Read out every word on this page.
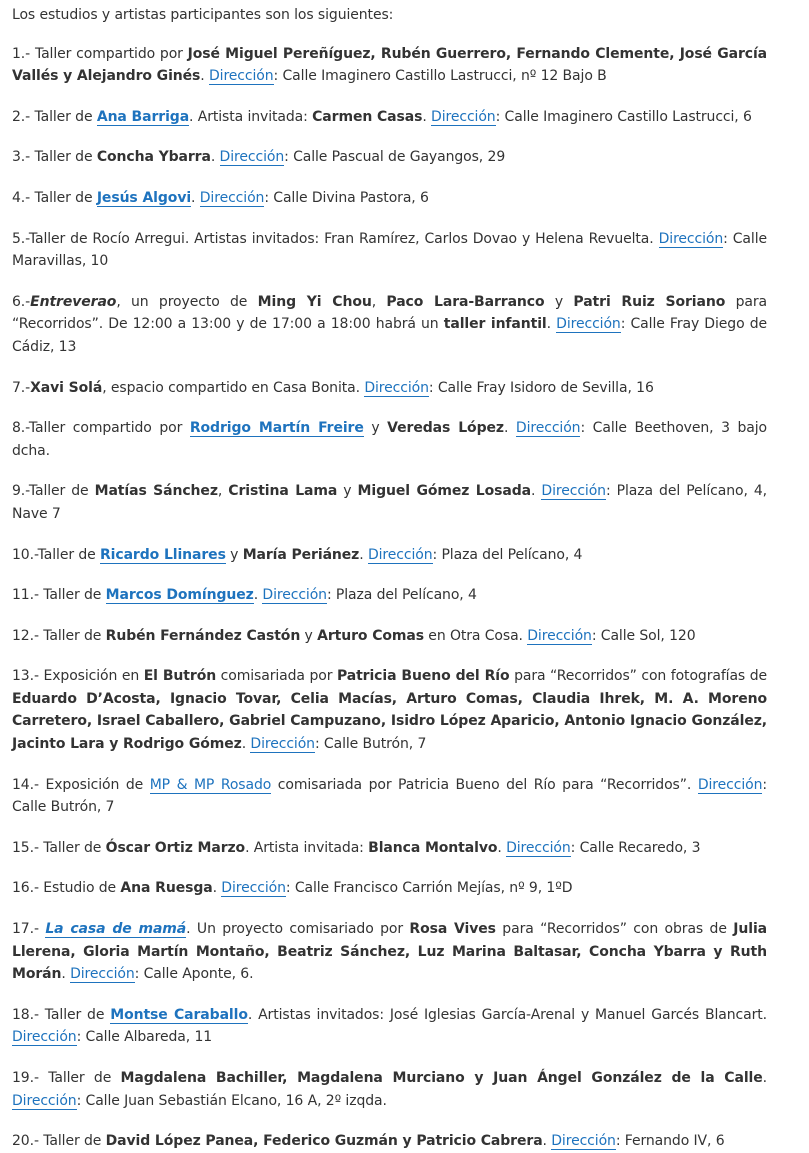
Los estudios y artistas participantes son los siguientes:

1.- Taller compartido por José Miguel Pereñíguez, Rubén Guerrero, Fernando Clemente, José García Vallés y Alejandro Ginés. Dirección: Calle Imaginero Castillo Lastrucci, nº 12 Bajo B

2.- Taller de Ana Barriga. Artista invitada: Carmen Casas. Dirección: Calle Imaginero Castillo Lastrucci, 6

3.- Taller de Concha Ybarra. Dirección: Calle Pascual de Gayangos, 29

4.- Taller de Jesús Algovi. Dirección: Calle Divina Pastora, 6

5.-Taller de Rocío Arregui. Artistas invitados: Fran Ramírez, Carlos Dovao y Helena Revuelta. Dirección: Calle Maravillas, 10

6.-Entreverao, un proyecto de Ming Yi Chou, Paco Lara-Barranco y Patri Ruiz Soriano para “Recorridos”. De 12:00 a 13:00 y de 17:00 a 18:00 habrá un taller infantil. Dirección: Calle Fray Diego de Cádiz, 13

7.-Xavi Solá, espacio compartido en Casa Bonita. Dirección: Calle Fray Isidoro de Sevilla, 16

8.-Taller compartido por Rodrigo Martín Freire y Veredas López. Dirección: Calle Beethoven, 3 bajo dcha.

9.-Taller de Matías Sánchez, Cristina Lama y Miguel Gómez Losada. Dirección: Plaza del Pelícano, 4, Nave 7

10.-Taller de Ricardo Llinares y María Periánez. Dirección: Plaza del Pelícano, 4

11.- Taller de Marcos Domínguez. Dirección: Plaza del Pelícano, 4

12.- Taller de Rubén Fernández Castón y Arturo Comas en Otra Cosa. Dirección: Calle Sol, 120

13.- Exposición en El Butrón comisariada por Patricia Bueno del Río para “Recorridos” con fotografías de Eduardo D’Acosta, Ignacio Tovar, Celia Macías, Arturo Comas, Claudia Ihrek, M. A. Moreno Carretero, Israel Caballero, Gabriel Campuzano, Isidro López Aparicio, Antonio Ignacio González, Jacinto Lara y Rodrigo Gómez. Dirección: Calle Butrón, 7

14.- Exposición de MP & MP Rosado comisariada por Patricia Bueno del Río para “Recorridos”. Dirección: Calle Butrón, 7

15.- Taller de Óscar Ortiz Marzo. Artista invitada: Blanca Montalvo. Dirección: Calle Recaredo, 3

16.- Estudio de Ana Ruesga. Dirección: Calle Francisco Carrión Mejías, nº 9, 1ºD

17.- La casa de mamá. Un proyecto comisariado por Rosa Vives para “Recorridos” con obras de Julia Llerena, Gloria Martín Montaño, Beatriz Sánchez, Luz Marina Baltasar, Concha Ybarra y Ruth Morán. Dirección: Calle Aponte, 6.

18.- Taller de Montse Caraballo. Artistas invitados: José Iglesias García-Arenal y Manuel Garcés Blancart. Dirección: Calle Albareda, 11

19.- Taller de Magdalena Bachiller, Magdalena Murciano y Juan Ángel González de la Calle. Dirección: Calle Juan Sebastián Elcano, 16 A, 2º izqda.

20.- Taller de David López Panea, Federico Guzmán y Patricio Cabrera. Dirección: Fernando IV, 6
